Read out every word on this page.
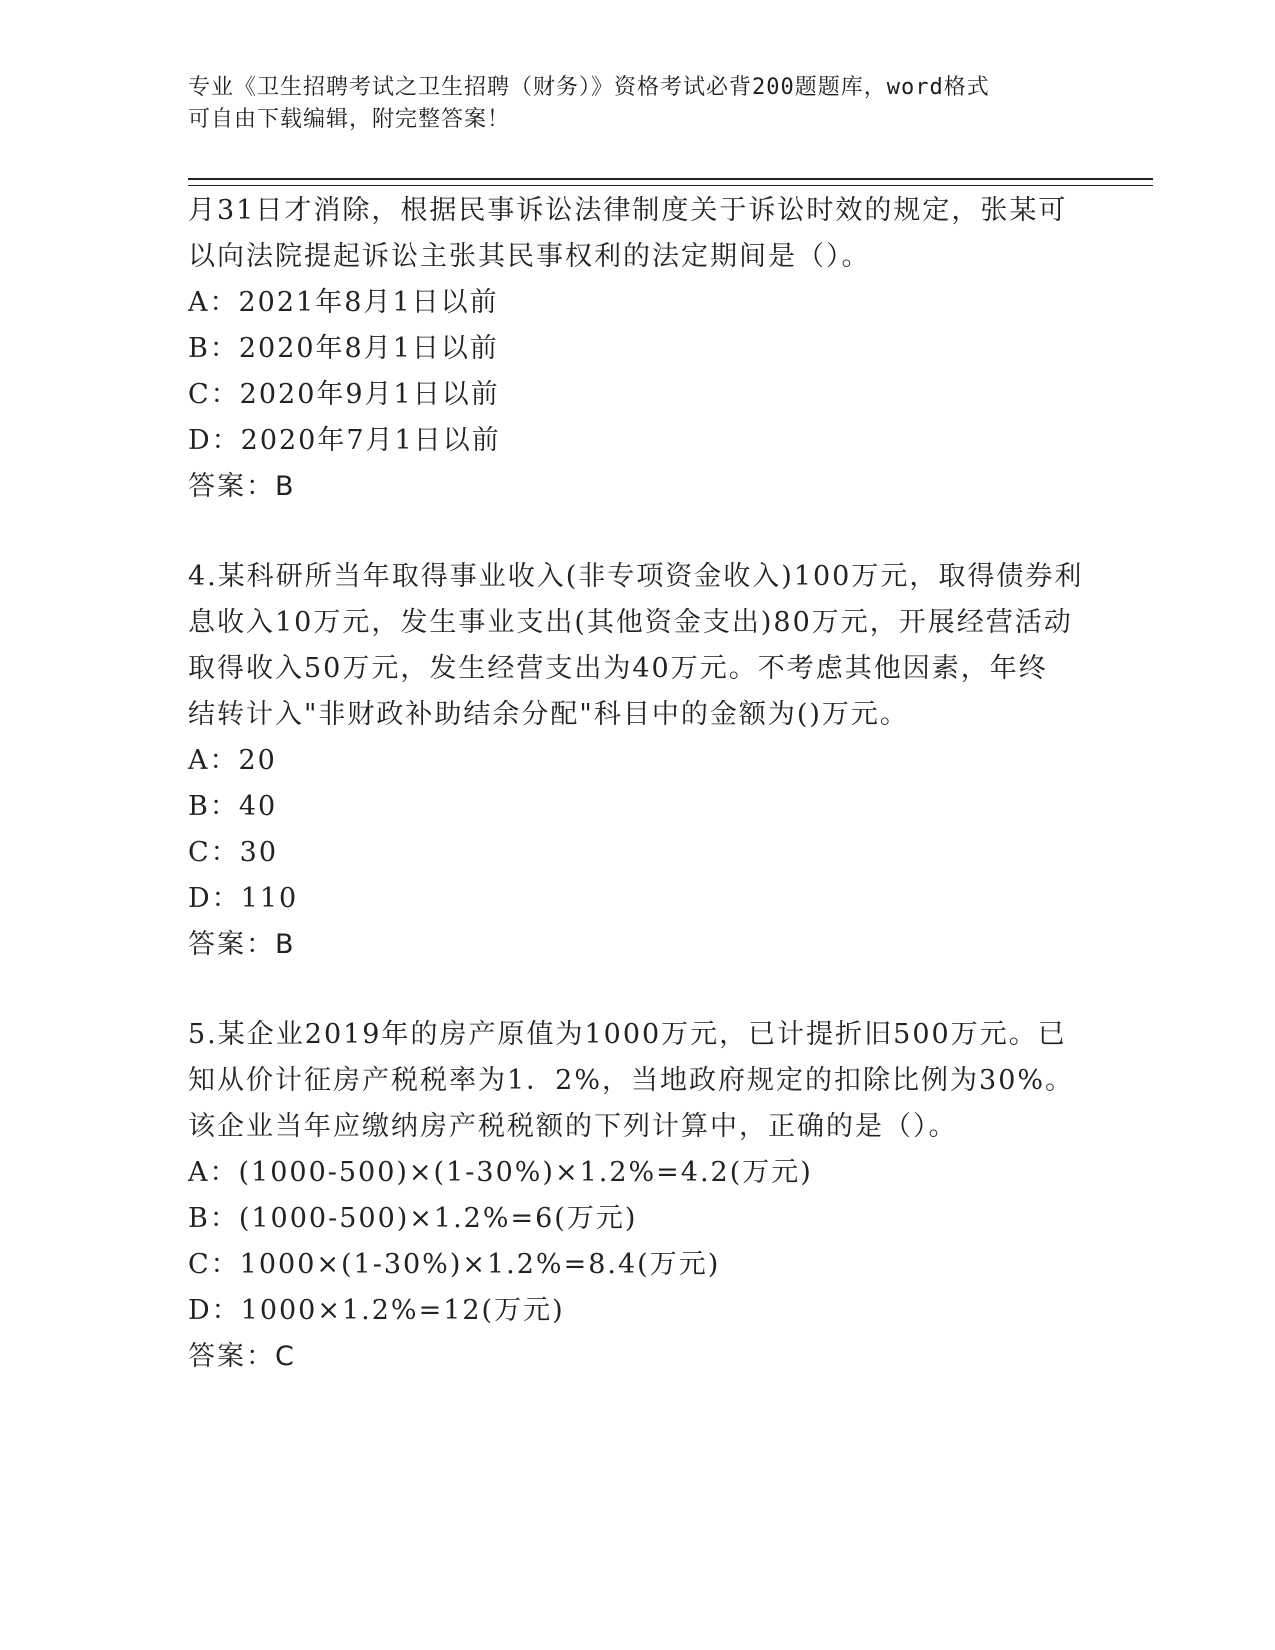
专业《卫生招聘考试之卫生招聘（财务）》资格考试必背200题题库，word格式
可自由下载编辑，附完整答案！
月31日才消除，根据民事诉讼法律制度关于诉讼时效的规定，张某可
以向法院提起诉讼主张其民事权利的法定期间是（）。
A：2021年8月1日以前
B：2020年8月1日以前
C：2020年9月1日以前
D：2020年7月1日以前
答案：B
4.某科研所当年取得事业收入(非专项资金收入)100万元，取得债券利
息收入10万元，发生事业支出(其他资金支出)80万元，开展经营活动
取得收入50万元，发生经营支出为40万元。不考虑其他因素，年终
结转计入"非财政补助结余分配"科目中的金额为()万元。
A：20
B：40
C：30
D：110
答案：B
5.某企业2019年的房产原值为1000万元，已计提折旧500万元。已
知从价计征房产税税率为1．2%，当地政府规定的扣除比例为30%。
该企业当年应缴纳房产税税额的下列计算中，正确的是（）。
A：(1000-500)×(1-30%)×1.2%=4.2(万元)
B：(1000-500)×1.2%=6(万元)
C：1000×(1-30%)×1.2%=8.4(万元)
D：1000×1.2%=12(万元)
答案：C
